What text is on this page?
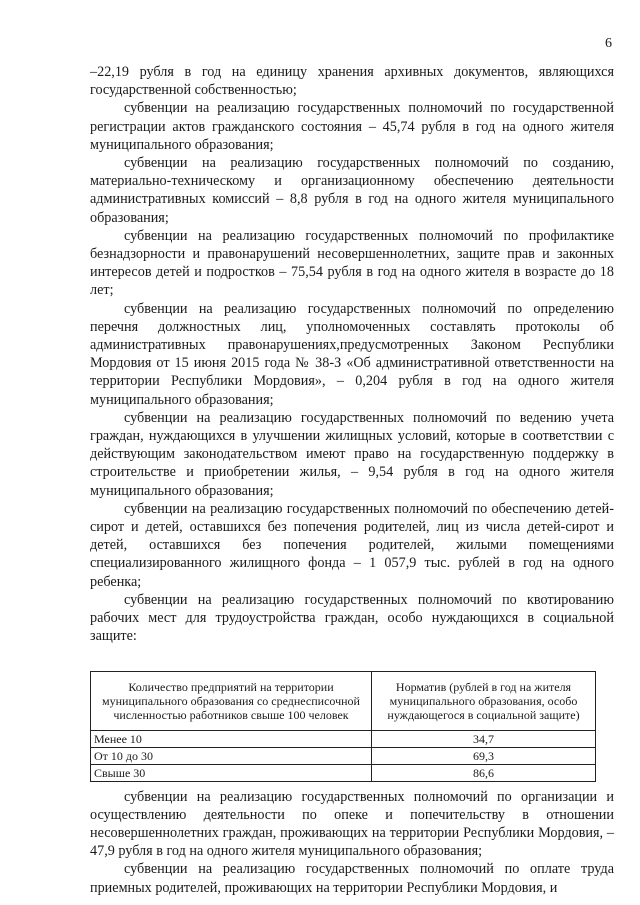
6

–22,19 рубля в год на единицу хранения архивных документов, являющихся государственной собственностью;

субвенции на реализацию государственных полномочий по государственной регистрации актов гражданского состояния – 45,74 рубля в год на одного жителя муниципального образования;

субвенции на реализацию государственных полномочий по созданию, материально-техническому и организационному обеспечению деятельности административных комиссий – 8,8 рубля в год на одного жителя муниципального образования;

субвенции на реализацию государственных полномочий по профилактике безнадзорности и правонарушений несовершеннолетних, защите прав и законных интересов детей и подростков – 75,54 рубля в год на одного жителя в возрасте до 18 лет;

субвенции на реализацию государственных полномочий по определению перечня должностных лиц, уполномоченных составлять протоколы об административных правонарушениях,предусмотренных Законом Республики Мордовия от 15 июня 2015 года № 38-З «Об административной ответственности на территории Республики Мордовия», – 0,204 рубля в год на одного жителя муниципального образования;

субвенции на реализацию государственных полномочий по ведению учета граждан, нуждающихся в улучшении жилищных условий, которые в соответствии с действующим законодательством имеют право на государственную поддержку в строительстве и приобретении жилья, – 9,54 рубля в год на одного жителя муниципального образования;

субвенции на реализацию государственных полномочий по обеспечению детей-сирот и детей, оставшихся без попечения родителей, лиц из числа детей-сирот и детей, оставшихся без попечения родителей, жилыми помещениями специализированного жилищного фонда – 1 057,9 тыс. рублей в год на одного ребенка;

субвенции на реализацию государственных полномочий по квотированию рабочих мест для трудоустройства граждан, особо нуждающихся в социальной защите:

Количество предприятий на территории муниципального образования со среднесписочной численностью работников свыше 100 человек	Норматив (рублей в год на жителя муниципального образования, особо нуждающегося в социальной защите)
Менее 10	34,7
От 10 до 30	69,3
Свыше 30	86,6

субвенции на реализацию государственных полномочий по организации и осуществлению деятельности по опеке и попечительству в отношении несовершеннолетних граждан, проживающих на территории Республики Мордовия, – 47,9 рубля в год на одного жителя муниципального образования;

субвенции на реализацию государственных полномочий по оплате труда приемных родителей, проживающих на территории Республики Мордовия, и
